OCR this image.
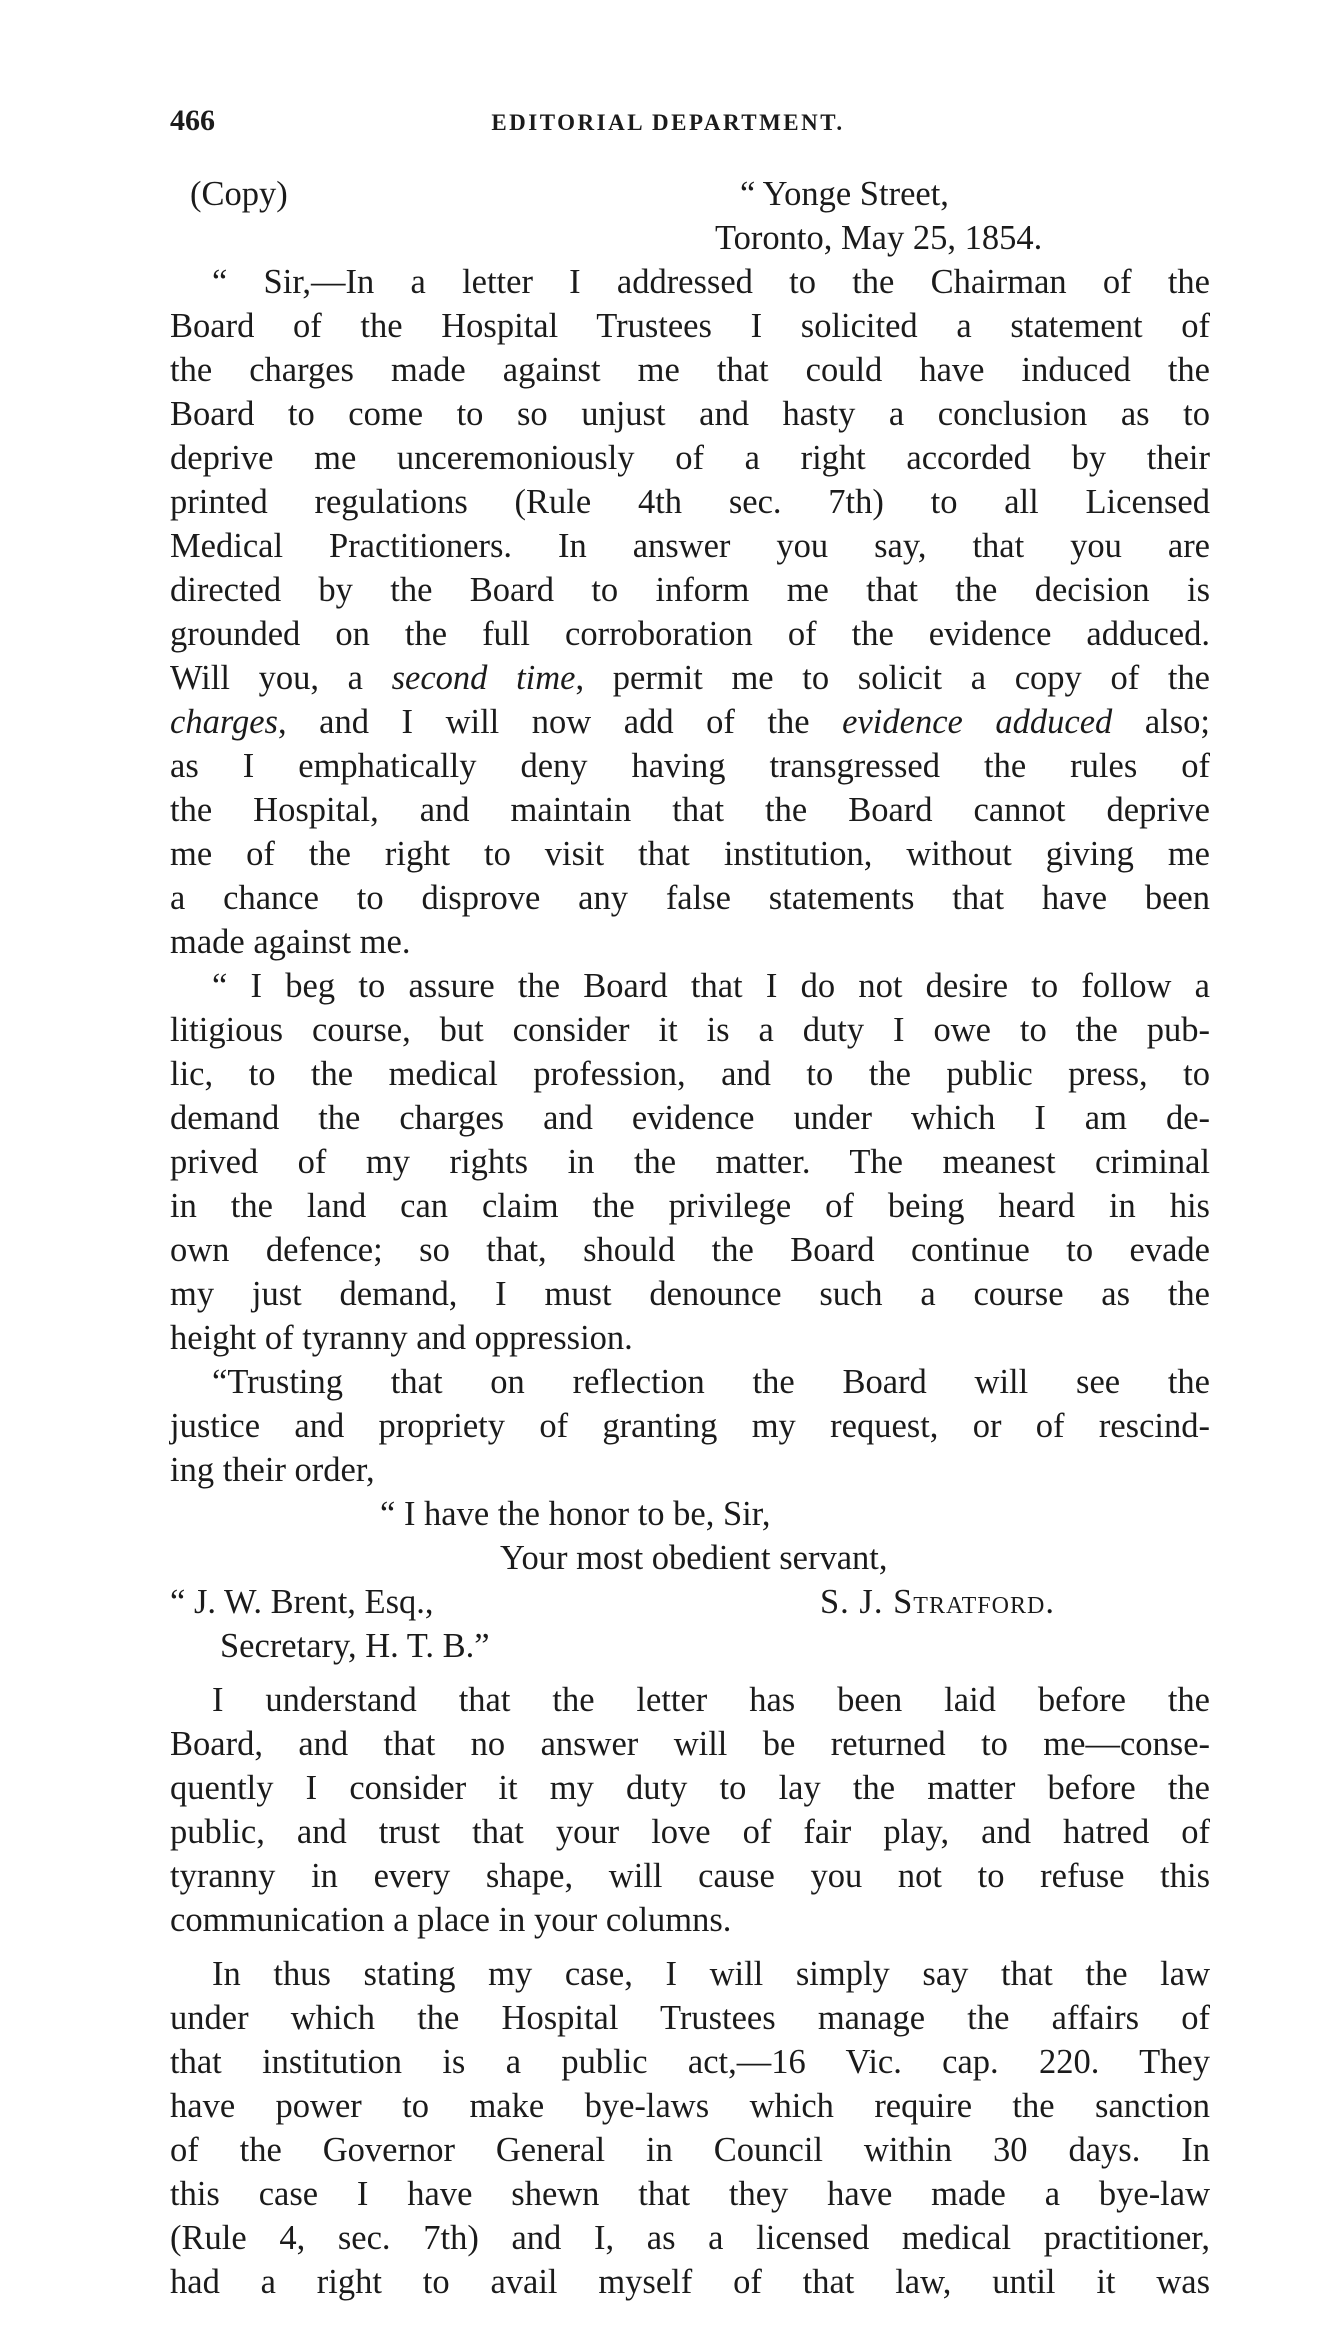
466	EDITORIAL DEPARTMENT.
(Copy)	“ Yonge Street,
Toronto, May 25, 1854.
“ Sir,—In a letter I addressed to the Chairman of the
Board of the Hospital Trustees I solicited a statement of
the charges made against me that could have induced the
Board to come to so unjust and hasty a conclusion as to
deprive me unceremoniously of a right accorded by their
printed regulations (Rule 4th sec. 7th) to all Licensed
Medical Practitioners. In answer you say, that you are
directed by the Board to inform me that the decision is
grounded on the full corroboration of the evidence adduced.
Will you, a second time, permit me to solicit a copy of the
charges, and I will now add of the evidence adduced also;
as I emphatically deny having transgressed the rules of
the Hospital, and maintain that the Board cannot deprive
me of the right to visit that institution, without giving me
a chance to disprove any false statements that have been
made against me.
“ I beg to assure the Board that I do not desire to follow a
litigious course, but consider it is a duty I owe to the pub-
lic, to the medical profession, and to the public press, to
demand the charges and evidence under which I am de-
prived of my rights in the matter. The meanest criminal
in the land can claim the privilege of being heard in his
own defence; so that, should the Board continue to evade
my just demand, I must denounce such a course as the
height of tyranny and oppression.
“Trusting that on reflection the Board will see the
justice and propriety of granting my request, or of rescind-
ing their order,
“ I have the honor to be, Sir,
Your most obedient servant,
“ J. W. Brent, Esq.,	S. J. Stratford.
Secretary, H. T. B.”
I understand that the letter has been laid before the
Board, and that no answer will be returned to me—conse-
quently I consider it my duty to lay the matter before the
public, and trust that your love of fair play, and hatred of
tyranny in every shape, will cause you not to refuse this
communication a place in your columns.
In thus stating my case, I will simply say that the law
under which the Hospital Trustees manage the affairs of
that institution is a public act,—16 Vic. cap. 220. They
have power to make bye-laws which require the sanction
of the Governor General in Council within 30 days. In
this case I have shewn that they have made a bye-law
(Rule 4, sec. 7th) and I, as a licensed medical practitioner,
had a right to avail myself of that law, until it was
